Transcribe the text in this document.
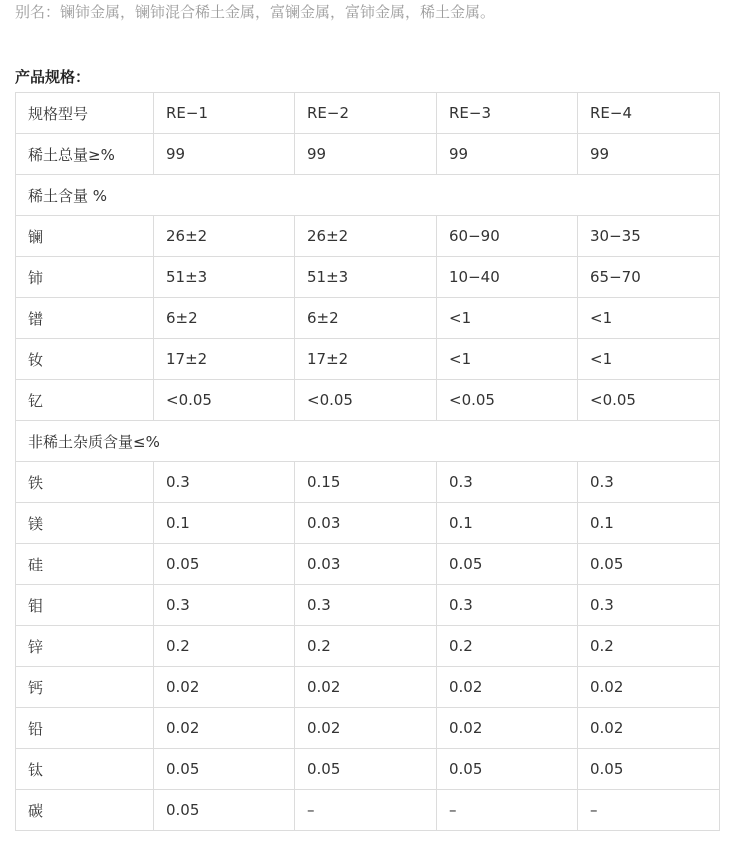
别名：镧铈金属，镧铈混合稀土金属，富镧金属，富铈金属，稀土金属。
产品规格：
规格型号	RE−1	RE−2	RE−3	RE−4
稀土总量≥%	99	99	99	99
稀土含量 %				
镧	26±2	26±2	60−90	30−35
铈	51±3	51±3	10−40	65−70
镨	6±2	6±2	<1	<1
钕	17±2	17±2	<1	<1
钇	<0.05	<0.05	<0.05	<0.05
非稀土杂质含量≤%				
铁	0.3	0.15	0.3	0.3
镁	0.1	0.03	0.1	0.1
硅	0.05	0.03	0.05	0.05
钼	0.3	0.3	0.3	0.3
锌	0.2	0.2	0.2	0.2
钙	0.02	0.02	0.02	0.02
铅	0.02	0.02	0.02	0.02
钛	0.05	0.05	0.05	0.05
碳	0.05	–	–	–
